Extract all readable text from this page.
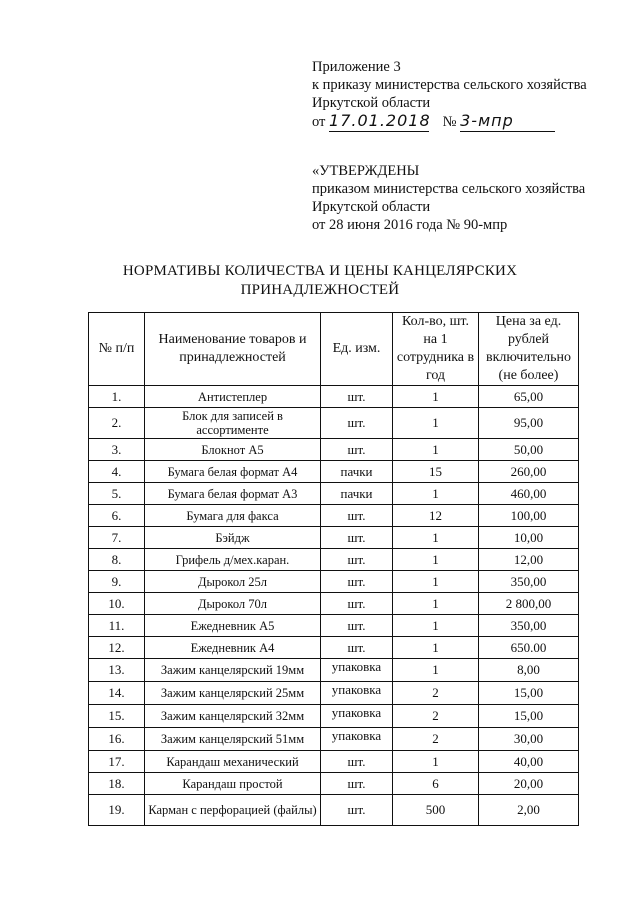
Приложение 3
к приказу министерства сельского хозяйства
Иркутской области
от 17.01.2018 № 3-мпр
«УТВЕРЖДЕНЫ
приказом министерства сельского хозяйства
Иркутской области
от 28 июня 2016 года № 90-мпр
НОРМАТИВЫ КОЛИЧЕСТВА И ЦЕНЫ КАНЦЕЛЯРСКИХ
ПРИНАДЛЕЖНОСТЕЙ
№ п/п	Наименование товаров и принадлежностей	Ед. изм.	Кол-во, шт. на 1 сотрудника в год	Цена за ед. рублей включительно (не более)
1.	Антистеплер	шт.	1	65,00
2.	Блок для записей в ассортименте	шт.	1	95,00
3.	Блокнот А5	шт.	1	50,00
4.	Бумага белая формат А4	пачки	15	260,00
5.	Бумага белая формат А3	пачки	1	460,00
6.	Бумага для факса	шт.	12	100,00
7.	Бэйдж	шт.	1	10,00
8.	Грифель д/мех.каран.	шт.	1	12,00
9.	Дырокол 25л	шт.	1	350,00
10.	Дырокол 70л	шт.	1	2 800,00
11.	Ежедневник А5	шт.	1	350,00
12.	Ежедневник А4	шт.	1	650.00
13.	Зажим канцелярский 19мм	упаковка	1	8,00
14.	Зажим канцелярский 25мм	упаковка	2	15,00
15.	Зажим канцелярский 32мм	упаковка	2	15,00
16.	Зажим канцелярский 51мм	упаковка	2	30,00
17.	Карандаш механический	шт.	1	40,00
18.	Карандаш простой	шт.	6	20,00
19.	Карман с перфорацией (файлы)	шт.	500	2,00
